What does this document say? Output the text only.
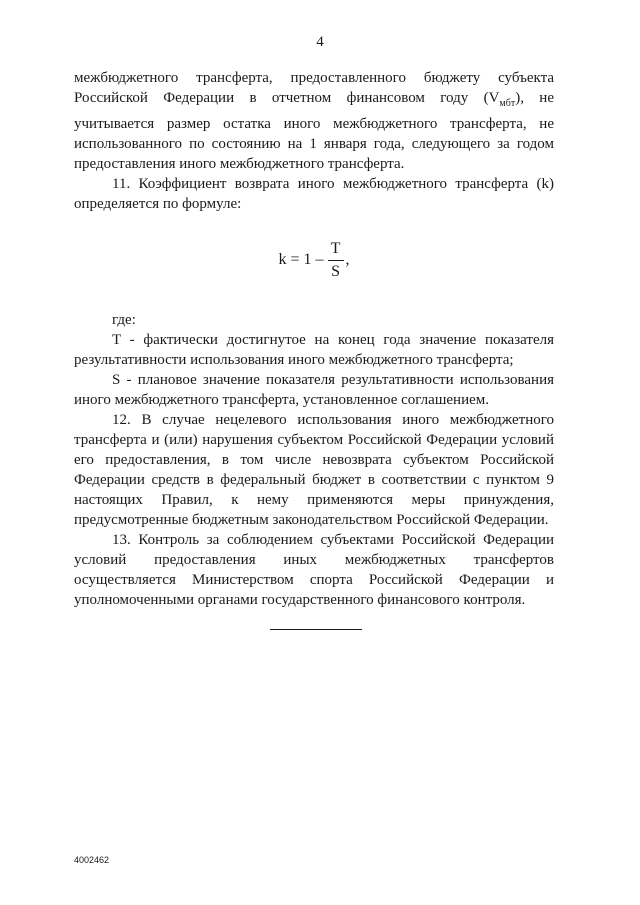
4

межбюджетного трансферта, предоставленного бюджету субъекта Российской Федерации в отчетном финансовом году $(V_{мбт})$, не учитывается размер остатка иного межбюджетного трансферта, не использованного по состоянию на 1 января года, следующего за годом предоставления иного межбюджетного трансферта.

11. Коэффициент возврата иного межбюджетного трансферта (k) определяется по формуле:

$k = 1 - \frac{T}{S}$ ,

где:

T - фактически достигнутое на конец года значение показателя результативности использования иного межбюджетного трансферта;

S - плановое значение показателя результативности использования иного межбюджетного трансферта, установленное соглашением.

12. В случае нецелевого использования иного межбюджетного трансферта и (или) нарушения субъектом Российской Федерации условий его предоставления, в том числе невозврата субъектом Российской Федерации средств в федеральный бюджет в соответствии с пунктом 9 настоящих Правил, к нему применяются меры принуждения, предусмотренные бюджетным законодательством Российской Федерации.

13. Контроль за соблюдением субъектами Российской Федерации условий предоставления иных межбюджетных трансфертов осуществляется Министерством спорта Российской Федерации и уполномоченными органами государственного финансового контроля.

4002462
